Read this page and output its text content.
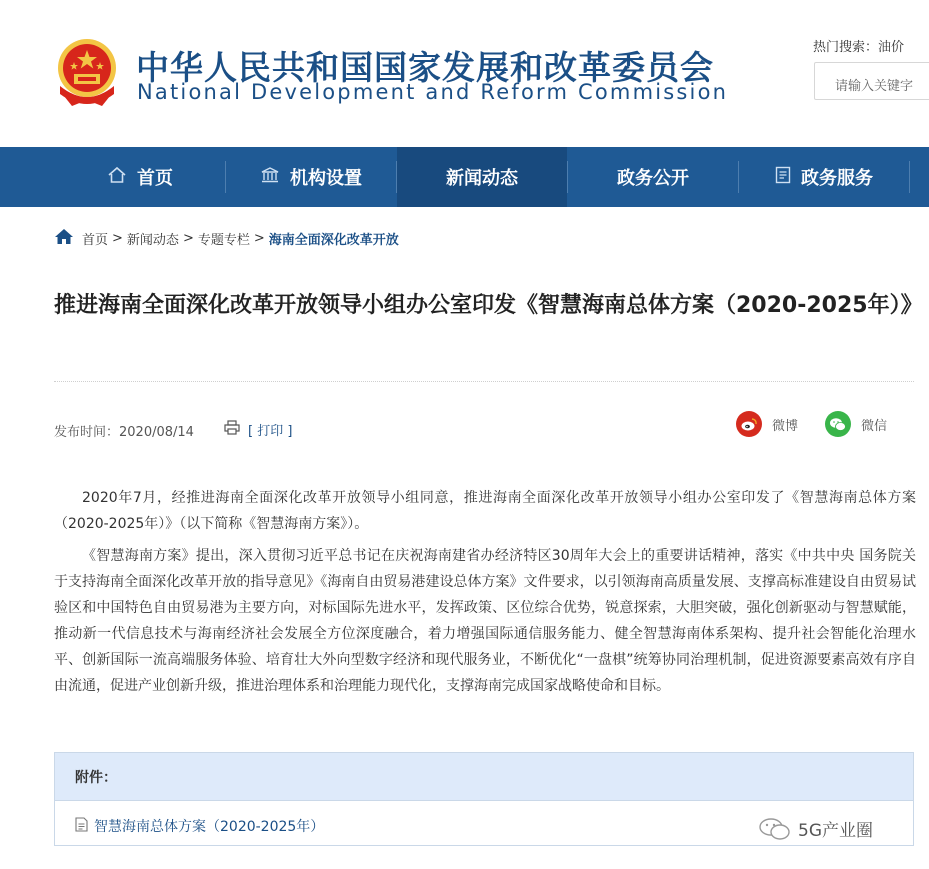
中华人民共和国国家发展和改革委员会
National Development and Reform Commission
热门搜索：油价
请输入关键字
首页	机构设置	新闻动态	政务公开	政务服务
首页 > 新闻动态 > 专题专栏 > 海南全面深化改革开放
推进海南全面深化改革开放领导小组办公室印发《智慧海南总体方案（2020-2025年）》
发布时间：2020/08/14	[ 打印 ]	微博	微信

2020年7月，经推进海南全面深化改革开放领导小组同意，推进海南全面深化改革开放领导小组办公室印发了《智慧海南总体方案（2020-2025年）》（以下简称《智慧海南方案》）。

《智慧海南方案》提出，深入贯彻习近平总书记在庆祝海南建省办经济特区30周年大会上的重要讲话精神，落实《中共中央 国务院关于支持海南全面深化改革开放的指导意见》《海南自由贸易港建设总体方案》文件要求，以引领海南高质量发展、支撑高标准建设自由贸易试验区和中国特色自由贸易港为主要方向，对标国际先进水平，发挥政策、区位综合优势，锐意探索，大胆突破，强化创新驱动与智慧赋能，推动新一代信息技术与海南经济社会发展全方位深度融合，着力增强国际通信服务能力、健全智慧海南体系架构、提升社会智能化治理水平、创新国际一流高端服务体验、培育壮大外向型数字经济和现代服务业，不断优化“一盘棋”统筹协同治理机制，促进资源要素高效有序自由流通，促进产业创新升级，推进治理体系和治理能力现代化，支撑海南完成国家战略使命和目标。

附件：
智慧海南总体方案（2020-2025年）	5G产业圈
